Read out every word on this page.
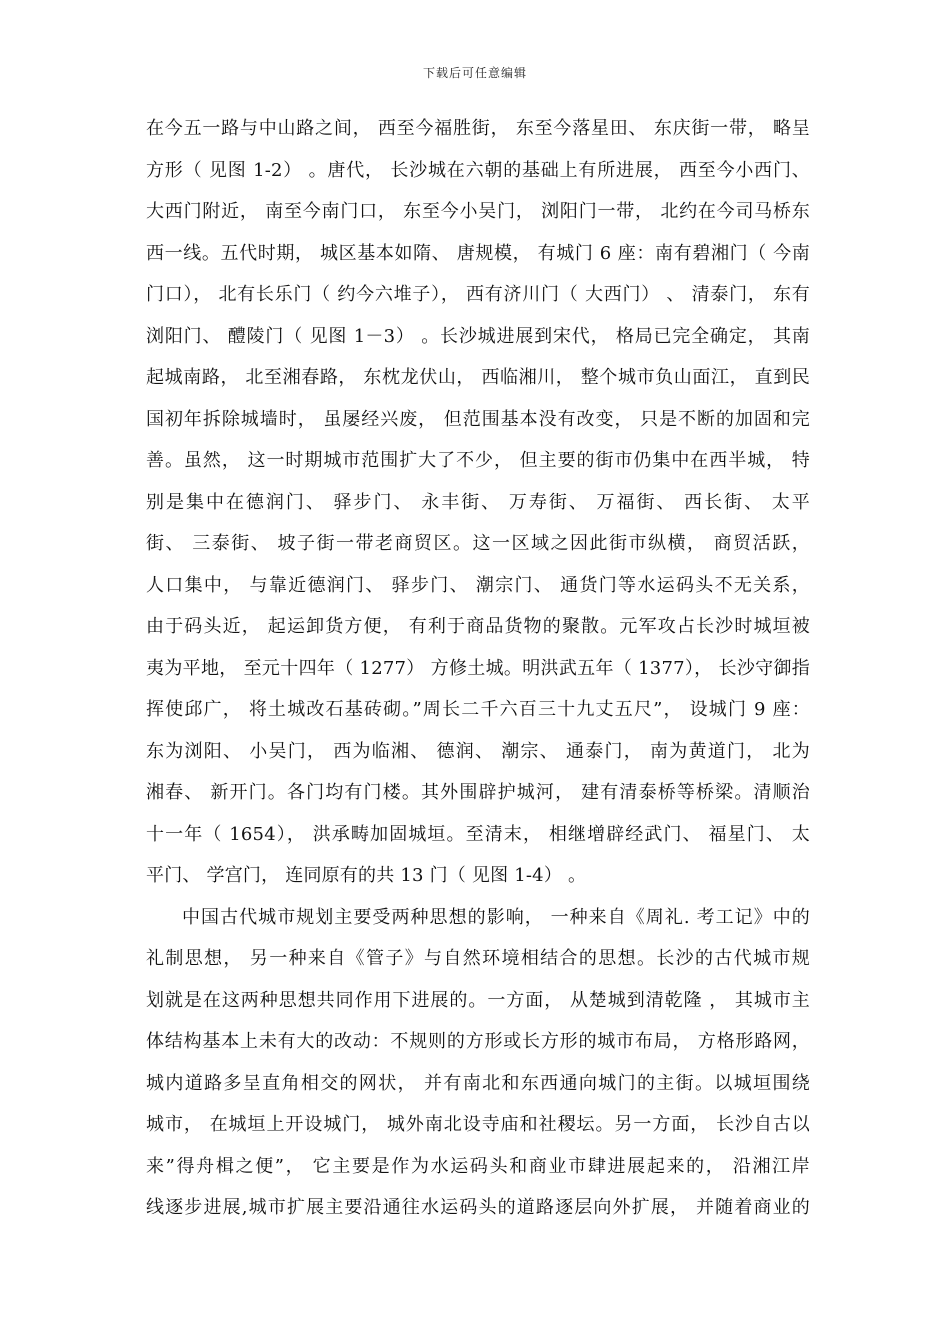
下载后可任意编辑
在今五一路与中山路之间， 西至今福胜街， 东至今落星田、 东庆街一带， 略呈
方形（ 见图 1-2） 。唐代， 长沙城在六朝的基础上有所进展， 西至今小西门、
大西门附近， 南至今南门口， 东至今小吴门， 浏阳门一带， 北约在今司马桥东
西一线。五代时期， 城区基本如隋、 唐规模， 有城门 6 座：南有碧湘门（ 今南
门口）， 北有长乐门（ 约今六堆子）， 西有济川门（ 大西门） 、 清泰门， 东有
浏阳门、 醴陵门（ 见图 1－3） 。长沙城进展到宋代， 格局已完全确定， 其南
起城南路， 北至湘春路， 东枕龙伏山， 西临湘川， 整个城市负山面江， 直到民
国初年拆除城墙时， 虽屡经兴废， 但范围基本没有改变， 只是不断的加固和完
善。虽然， 这一时期城市范围扩大了不少， 但主要的街市仍集中在西半城， 特
别是集中在德润门、 驿步门、 永丰街、 万寿街、 万福街、 西长街、 太平
街、 三泰街、 坡子街一带老商贸区。这一区域之因此街市纵横， 商贸活跃，
人口集中， 与靠近德润门、 驿步门、 潮宗门、 通货门等水运码头不无关系，
由于码头近， 起运卸货方便， 有利于商品货物的聚散。元军攻占长沙时城垣被
夷为平地， 至元十四年（ 1277） 方修土城。明洪武五年（ 1377）， 长沙守御指
挥使邱广， 将土城改石基砖砌。”周长二千六百三十九丈五尺”， 设城门 9 座：
东为浏阳、 小吴门， 西为临湘、 德润、 潮宗、 通泰门， 南为黄道门， 北为
湘春、 新开门。各门均有门楼。其外围辟护城河， 建有清泰桥等桥梁。清顺治
十一年（ 1654）， 洪承畴加固城垣。至清末， 相继增辟经武门、 福星门、 太
平门、 学宫门， 连同原有的共 13 门（ 见图 1-4） 。
中国古代城市规划主要受两种思想的影响， 一种来自《周礼. 考工记》中的
礼制思想， 另一种来自《管子》与自然环境相结合的思想。长沙的古代城市规
划就是在这两种思想共同作用下进展的。一方面， 从楚城到清乾隆 ， 其城市主
体结构基本上未有大的改动：不规则的方形或长方形的城市布局， 方格形路网，
城内道路多呈直角相交的网状， 并有南北和东西通向城门的主街。以城垣围绕
城市， 在城垣上开设城门， 城外南北设寺庙和社稷坛。另一方面， 长沙自古以
来”得舟楫之便”， 它主要是作为水运码头和商业市肆进展起来的， 沿湘江岸
线逐步进展,城市扩展主要沿通往水运码头的道路逐层向外扩展， 并随着商业的
